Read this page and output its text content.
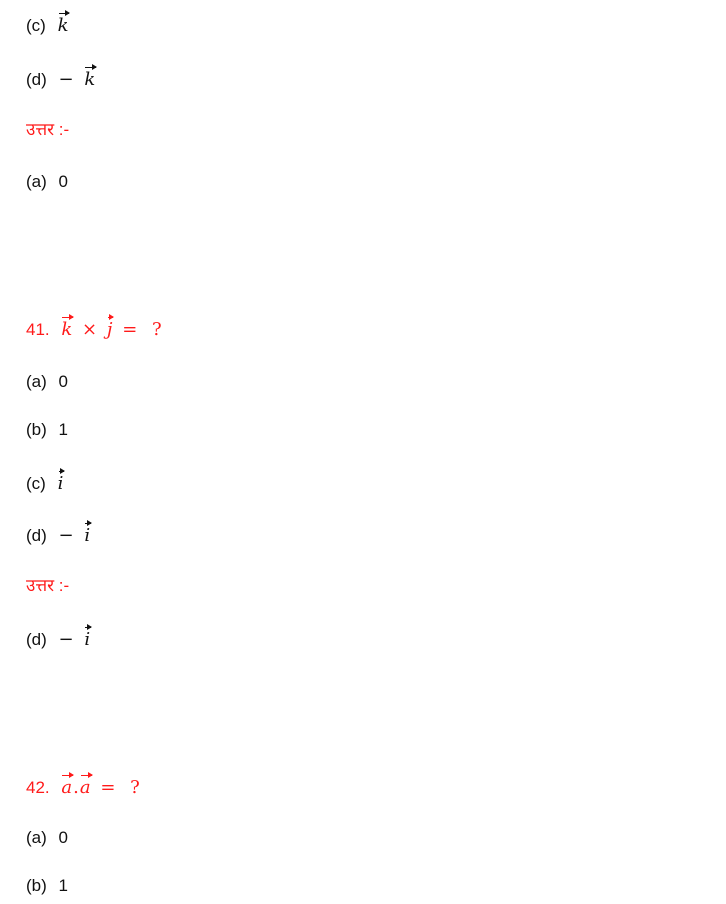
(c) k
(d) − k
उत्तर :-
(a) 0
41. k × j = ?
(a) 0
(b) 1
(c) i
(d) − i
उत्तर :-
(d) − i
42. a.a = ?
(a) 0
(b) 1
